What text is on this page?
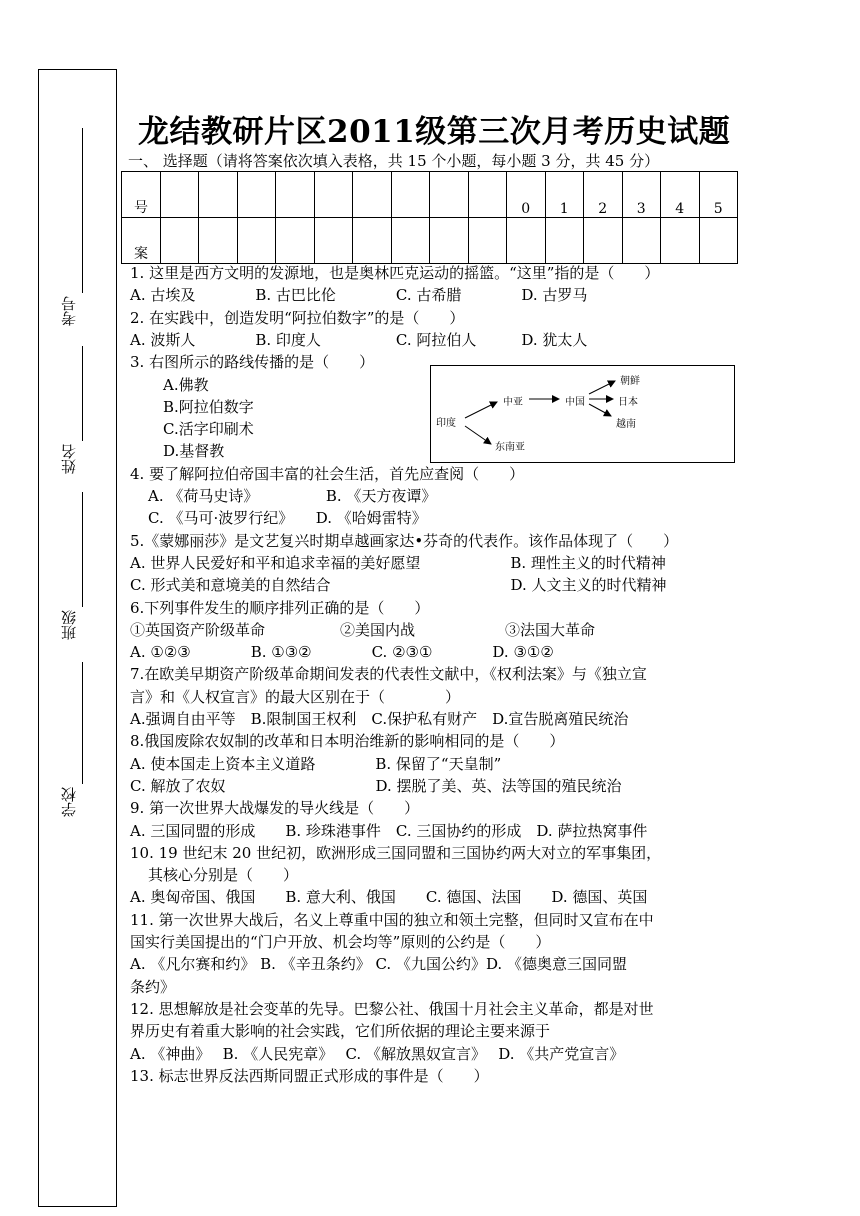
考号
姓名
班级
学校
龙结教研片区2011级第三次月考历史试题
一、 选择题（请将答案依次填入表格，共 15 个小题，每小题 3 分，共 45 分）
号										0	1	2	3	4	5
案															
1. 这里是西方文明的发源地，也是奥林匹克运动的摇篮。“这里”指的是（　　）
A. 古埃及　　　　B. 古巴比伦　　　　C. 古希腊　　　　D. 古罗马
2. 在实践中，创造发明“阿拉伯数字”的是（　　）
A. 波斯人　　　　B. 印度人　　　　　C. 阿拉伯人　　　D. 犹太人
3. 右图所示的路线传播的是（　　）
A.佛教
B.阿拉伯数字
C.活字印刷术
D.基督教
4. 要了解阿拉伯帝国丰富的社会生活，首先应查阅（　　）
A. 《荷马史诗》　　　　　B. 《天方夜谭》
C. 《马可·波罗行纪》　　D. 《哈姆雷特》
5.《蒙娜丽莎》是文艺复兴时期卓越画家达•芬奇的代表作。该作品体现了（　　）
A. 世界人民爱好和平和追求幸福的美好愿望　　　　　　B. 理性主义的时代精神
C. 形式美和意境美的自然结合　　　　　　　　　　　　D. 人文主义的时代精神
6.下列事件发生的顺序排列正确的是（　　）
①英国资产阶级革命　　　　　②美国内战　　　　　　③法国大革命
A. ①②③　　　　B. ①③②　　　　C. ②③①　　　　D. ③①②
7.在欧美早期资产阶级革命期间发表的代表性文献中，《权利法案》与《独立宣
言》和《人权宣言》的最大区别在于（　　　　）
A.强调自由平等　B.限制国王权利　C.保护私有财产　D.宣告脱离殖民统治
8.俄国废除农奴制的改革和日本明治维新的影响相同的是（　　）
A. 使本国走上资本主义道路　　　　B. 保留了“天皇制”
C. 解放了农奴　　　　　　　　　　D. 摆脱了美、英、法等国的殖民统治
9. 第一次世界大战爆发的导火线是（　　）
A. 三国同盟的形成　　B. 珍珠港事件　C. 三国协约的形成　D. 萨拉热窝事件
10. 19 世纪末 20 世纪初，欧洲形成三国同盟和三国协约两大对立的军事集团，
其核心分别是（　　）
A. 奥匈帝国、俄国　　B. 意大利、俄国　　C. 德国、法国　　D. 德国、英国
11. 第一次世界大战后，名义上尊重中国的独立和领土完整，但同时又宣布在中
国实行美国提出的“门户开放、机会均等”原则的公约是（　　）
A. 《凡尔赛和约》 B. 《辛丑条约》 C. 《九国公约》D. 《德奥意三国同盟
条约》
12. 思想解放是社会变革的先导。巴黎公社、俄国十月社会主义革命，都是对世
界历史有着重大影响的社会实践，它们所依据的理论主要来源于
A. 《神曲》　 B. 《人民宪章》　 C. 《解放黑奴宣言》　 D. 《共产党宣言》
13. 标志世界反法西斯同盟正式形成的事件是（　　）
印度
中亚	中国
朝鲜
日本
越南
东南亚
